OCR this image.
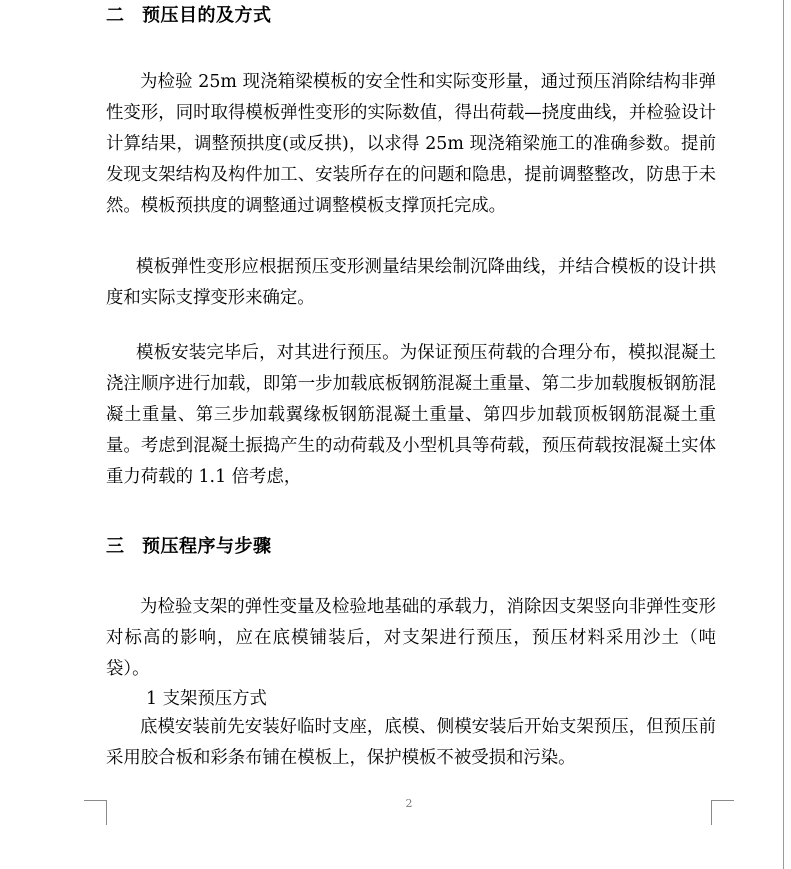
二 预压目的及方式
为检验 25m 现浇箱梁模板的安全性和实际变形量，通过预压消除结构非弹性变形，同时取得模板弹性变形的实际数值，得出荷载—挠度曲线，并检验设计计算结果，调整预拱度(或反拱)，以求得 25m 现浇箱梁施工的准确参数。提前发现支架结构及构件加工、安装所存在的问题和隐患，提前调整整改，防患于未然。模板预拱度的调整通过调整模板支撑顶托完成。
模板弹性变形应根据预压变形测量结果绘制沉降曲线，并结合模板的设计拱度和实际支撑变形来确定。
模板安装完毕后，对其进行预压。为保证预压荷载的合理分布，模拟混凝土浇注顺序进行加载，即第一步加载底板钢筋混凝土重量、第二步加载腹板钢筋混凝土重量、第三步加载翼缘板钢筋混凝土重量、第四步加载顶板钢筋混凝土重量。考虑到混凝土振捣产生的动荷载及小型机具等荷载，预压荷载按混凝土实体重力荷载的 1.1 倍考虑，
三 预压程序与步骤
为检验支架的弹性变量及检验地基础的承载力，消除因支架竖向非弹性变形对标高的影响，应在底模铺装后，对支架进行预压，预压材料采用沙土（吨袋）。
1 支架预压方式
底模安装前先安装好临时支座，底模、侧模安装后开始支架预压，但预压前采用胶合板和彩条布铺在模板上，保护模板不被受损和污染。
2
